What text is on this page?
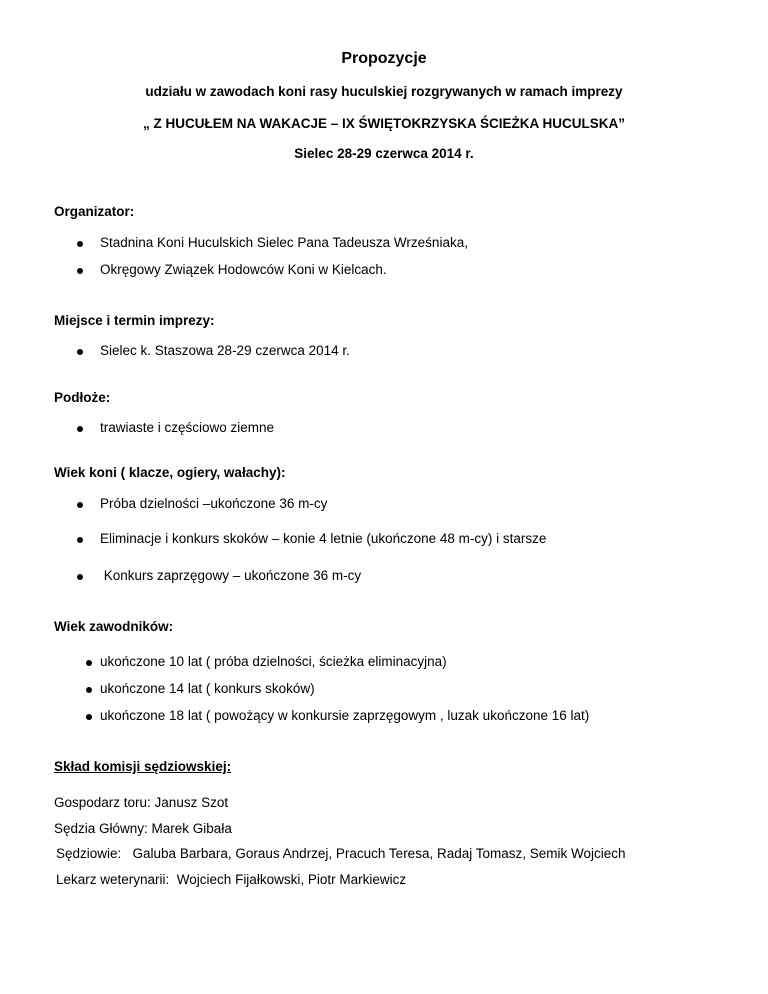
Propozycje
udziału w zawodach koni rasy huculskiej rozgrywanych w ramach imprezy
„ Z HUCUŁEM NA WAKACJE – IX ŚWIĘTOKRZYSKA ŚCIEŻKA HUCULSKA”
Sielec 28-29 czerwca 2014 r.
Organizator:
Stadnina Koni Huculskich Sielec Pana Tadeusza Wrześniaka,
Okręgowy Związek Hodowców Koni w Kielcach.
Miejsce i termin imprezy:
Sielec k. Staszowa 28-29 czerwca 2014 r.
Podłoże:
trawiaste i częściowo ziemne
Wiek koni ( klacze, ogiery, wałachy):
Próba dzielności –ukończone 36 m-cy
Eliminacje i konkurs skoków – konie 4 letnie (ukończone 48 m-cy) i starsze
Konkurs zaprzęgowy – ukończone 36 m-cy
Wiek zawodników:
ukończone 10 lat ( próba dzielności, ścieżka eliminacyjna)
ukończone 14 lat ( konkurs skoków)
ukończone 18 lat ( powożący w konkursie zaprzęgowym , luzak ukończone 16 lat)
Skład komisji sędziowskiej:
Gospodarz toru: Janusz Szot
Sędzia Główny: Marek Gibała
Sędziowie:   Galuba Barbara, Goraus Andrzej, Pracuch Teresa, Radaj Tomasz, Semik Wojciech
Lekarz weterynarii:  Wojciech Fijałkowski, Piotr Markiewicz
